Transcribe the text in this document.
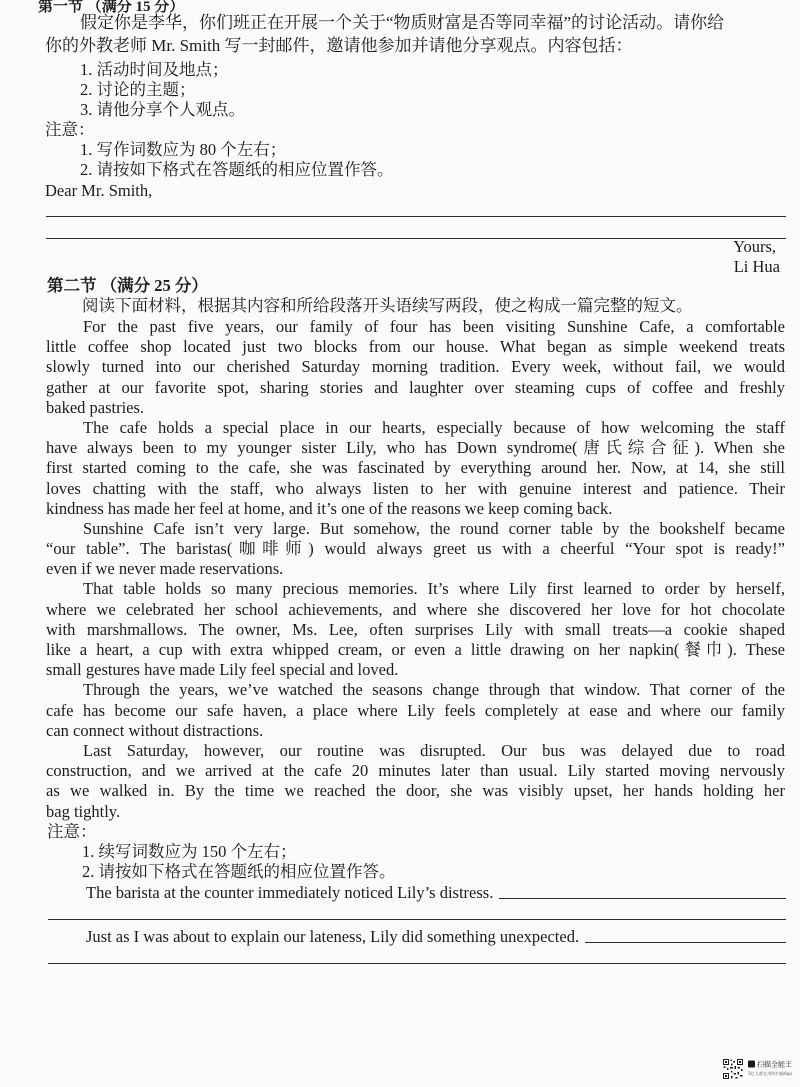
第一节 （满分 15 分）
假定你是李华，你们班正在开展一个关于“物质财富是否等同幸福”的讨论活动。请你给
你的外教老师 Mr. Smith 写一封邮件，邀请他参加并请他分享观点。内容包括：
1. 活动时间及地点；
2. 讨论的主题；
3. 请他分享个人观点。
注意：
1. 写作词数应为 80 个左右；
2. 请按如下格式在答题纸的相应位置作答。
Dear Mr. Smith,
Yours,
Li Hua
第二节 （满分 25 分）
阅读下面材料，根据其内容和所给段落开头语续写两段，使之构成一篇完整的短文。
For the past five years, our family of four has been visiting Sunshine Cafe, a comfortable
little coffee shop located just two blocks from our house. What began as simple weekend treats
slowly turned into our cherished Saturday morning tradition. Every week, without fail, we would
gather at our favorite spot, sharing stories and laughter over steaming cups of coffee and freshly
baked pastries.
The cafe holds a special place in our hearts, especially because of how welcoming the staff
have always been to my younger sister Lily, who has Down syndrome(唐氏综合征). When she
first started coming to the cafe, she was fascinated by everything around her. Now, at 14, she still
loves chatting with the staff, who always listen to her with genuine interest and patience. Their
kindness has made her feel at home, and it’s one of the reasons we keep coming back.
Sunshine Cafe isn’t very large. But somehow, the round corner table by the bookshelf became
“our table”. The baristas(咖啡师) would always greet us with a cheerful “Your spot is ready!”
even if we never made reservations.
That table holds so many precious memories. It’s where Lily first learned to order by herself,
where we celebrated her school achievements, and where she discovered her love for hot chocolate
with marshmallows. The owner, Ms. Lee, often surprises Lily with small treats—a cookie shaped
like a heart, a cup with extra whipped cream, or even a little drawing on her napkin(餐巾). These
small gestures have made Lily feel special and loved.
Through the years, we’ve watched the seasons change through that window. That corner of the
cafe has become our safe haven, a place where Lily feels completely at ease and where our family
can connect without distractions.
Last Saturday, however, our routine was disrupted. Our bus was delayed due to road
construction, and we arrived at the cafe 20 minutes later than usual. Lily started moving nervously
as we walked in. By the time we reached the door, she was visibly upset, her hands holding her
bag tightly.
注意：
1. 续写词数应为 150 个左右；
2. 请按如下格式在答题纸的相应位置作答。
The barista at the counter immediately noticed Lily’s distress.
Just as I was about to explain our lateness, Lily did something unexpected.
扫描全能王
3亿人都在用的扫描App
